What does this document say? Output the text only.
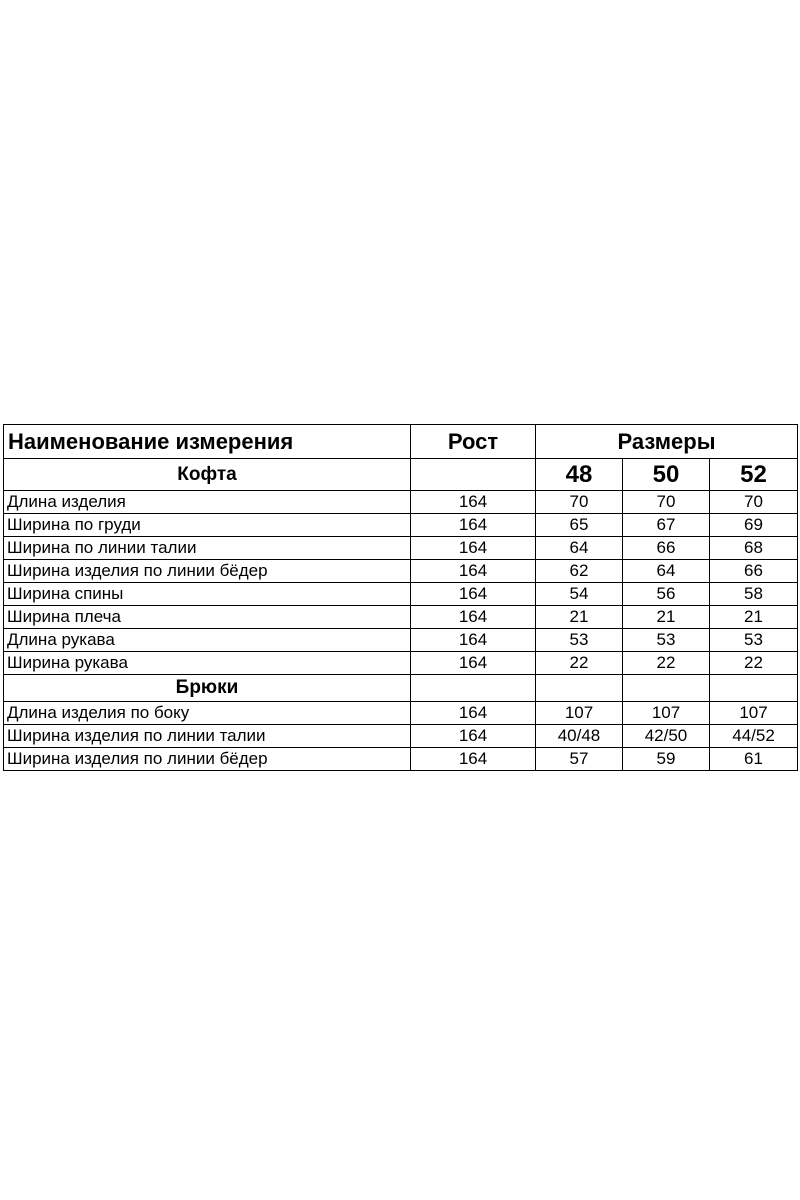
Наименование измерения	Рост	Размеры		
Кофта		48	50	52
Длина изделия	164	70	70	70
Ширина по груди	164	65	67	69
Ширина по линии талии	164	64	66	68
Ширина изделия по линии бёдер	164	62	64	66
Ширина спины	164	54	56	58
Ширина плеча	164	21	21	21
Длина рукава	164	53	53	53
Ширина рукава	164	22	22	22
Брюки				
Длина изделия по боку	164	107	107	107
Ширина изделия по линии талии	164	40/48	42/50	44/52
Ширина изделия по линии бёдер	164	57	59	61
